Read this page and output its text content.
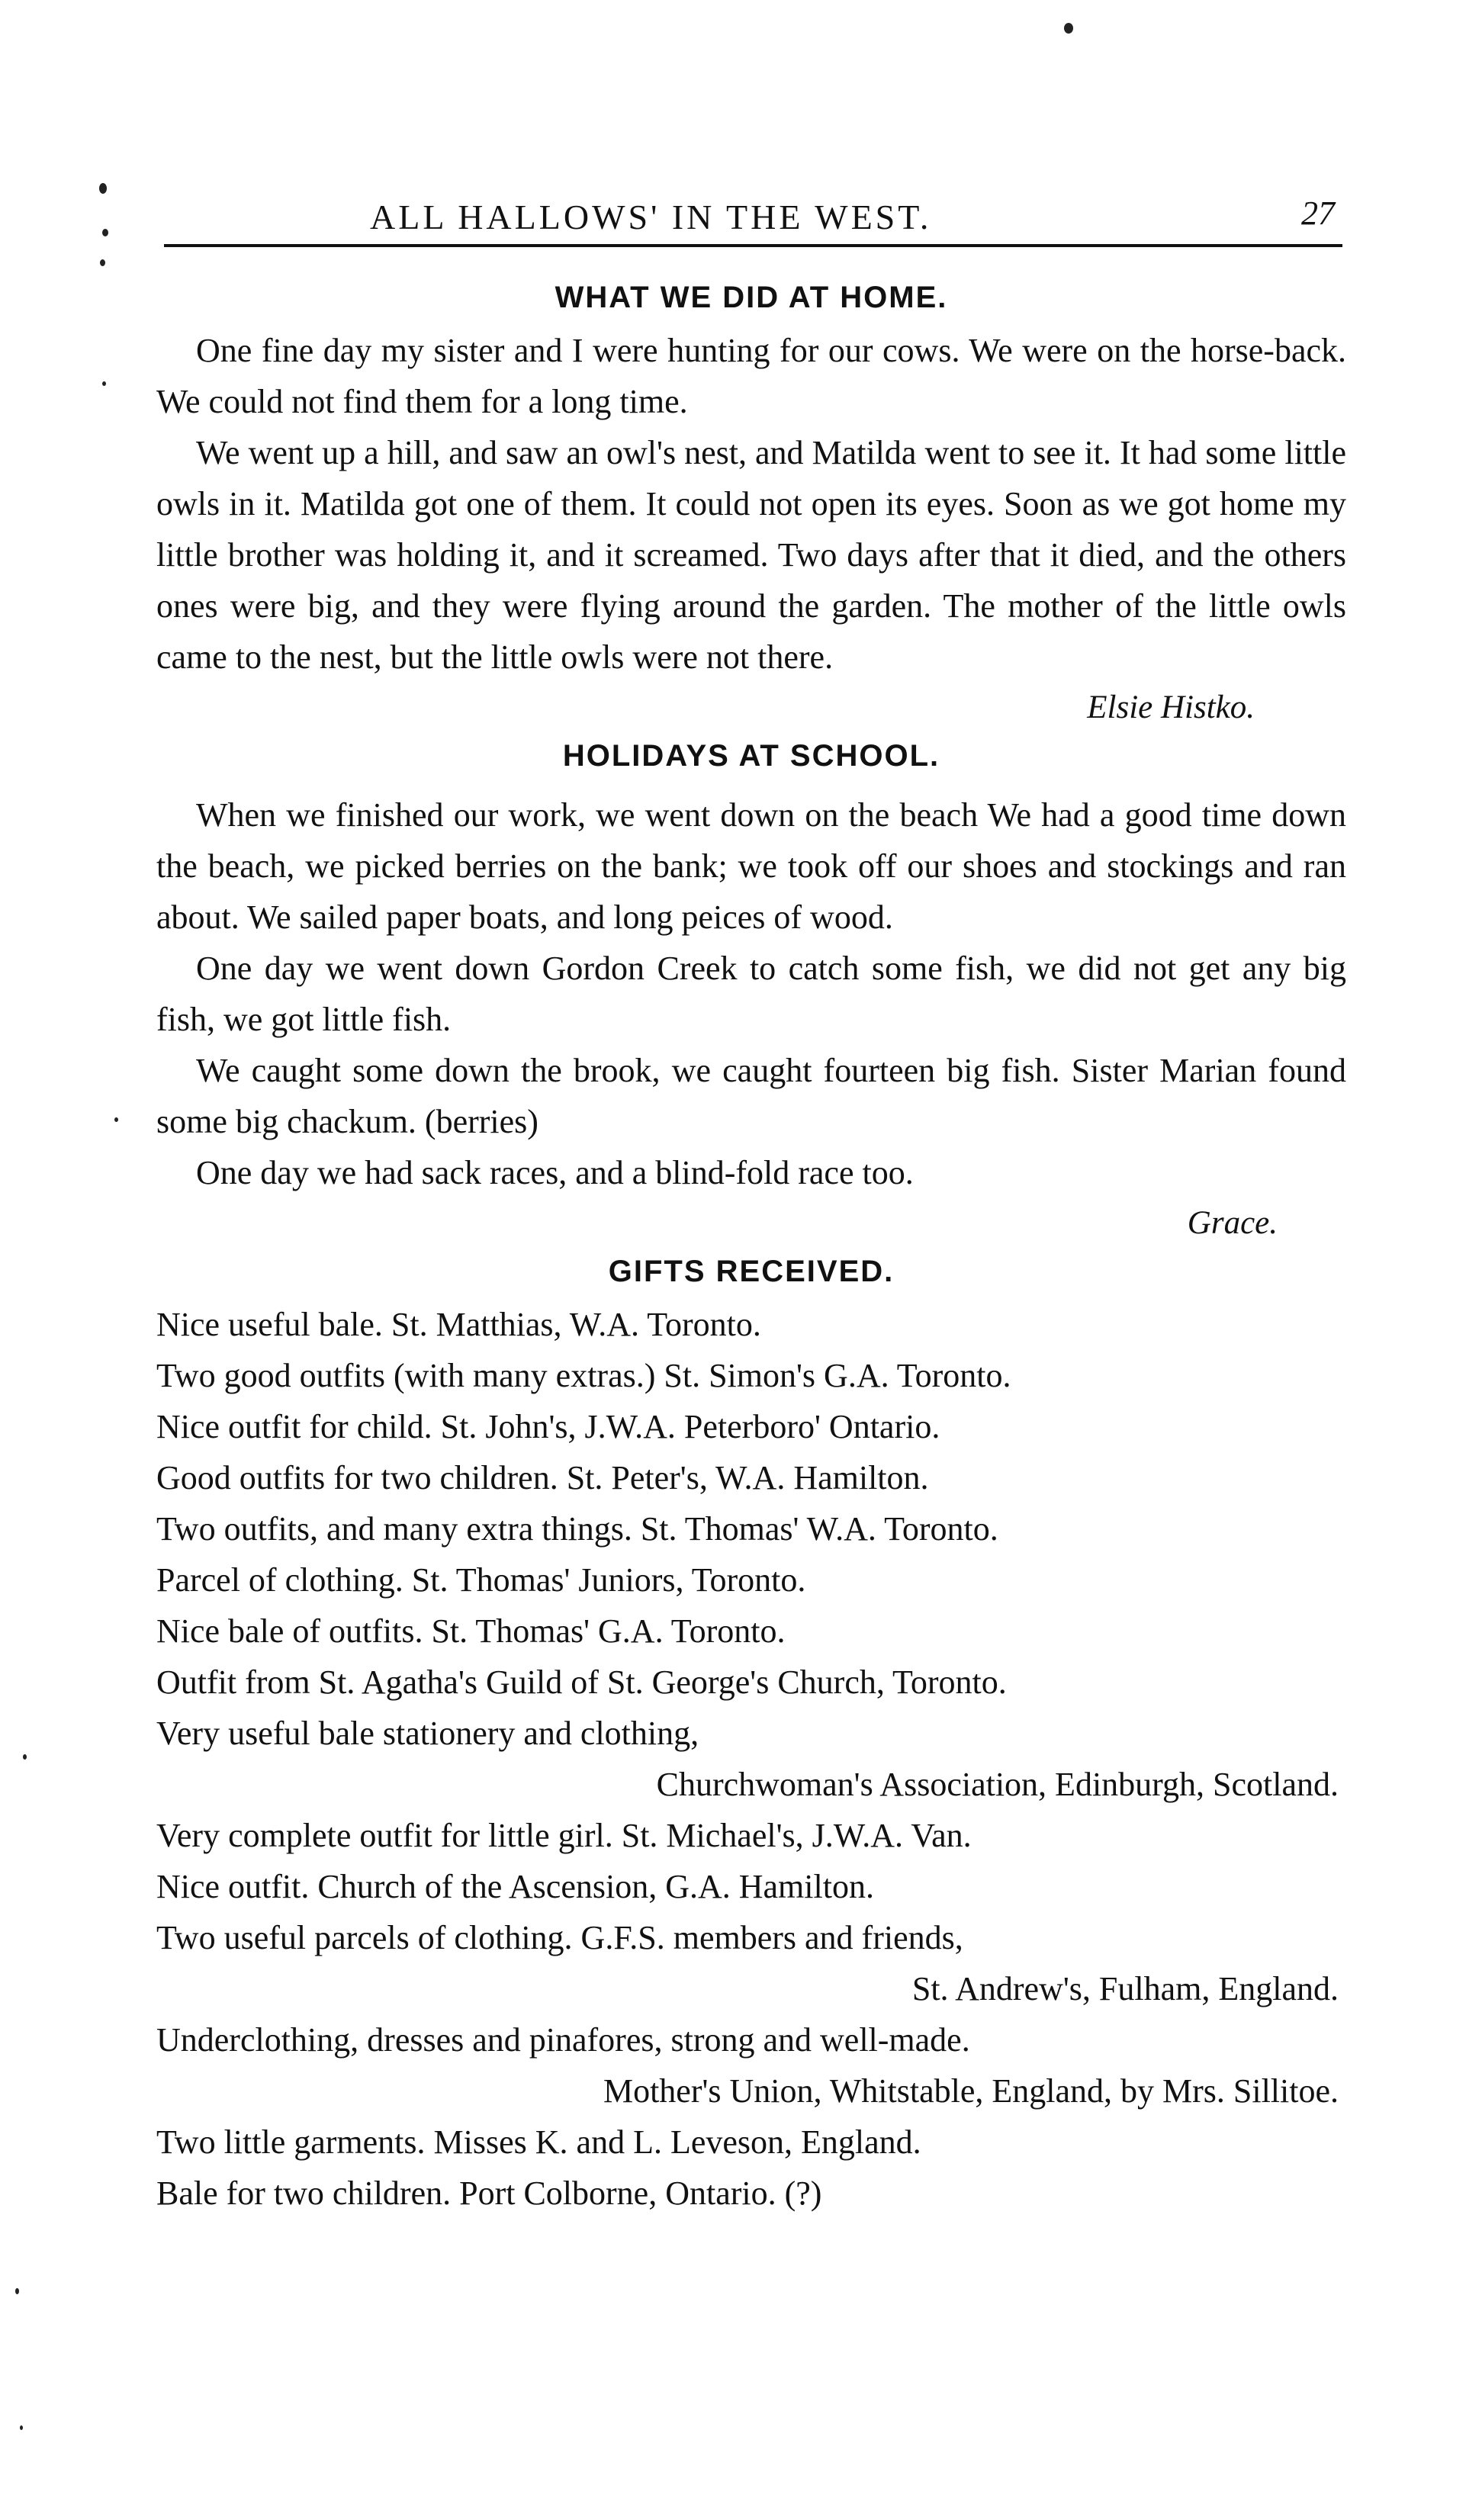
ALL HALLOWS' IN THE WEST.	27
WHAT WE DID AT HOME.

One fine day my sister and I were hunting for our cows. We were on the horse-back. We could not find them for a long time.

We went up a hill, and saw an owl's nest, and Matilda went to see it. It had some little owls in it. Matilda got one of them. It could not open its eyes. Soon as we got home my little brother was holding it, and it screamed. Two days after that it died, and the others ones were big, and they were flying around the garden. The mother of the little owls came to the nest, but the little owls were not there.

Elsie Histko.

HOLIDAYS AT SCHOOL.

When we finished our work, we went down on the beach We had a good time down the beach, we picked berries on the bank; we took off our shoes and stockings and ran about. We sailed paper boats, and long peices of wood.

One day we went down Gordon Creek to catch some fish, we did not get any big fish, we got little fish.

We caught some down the brook, we caught fourteen big fish. Sister Marian found some big chackum. (berries)

One day we had sack races, and a blind-fold race too.

Grace.

GIFTS RECEIVED.
Nice useful bale. St. Matthias, W.A. Toronto.
Two good outfits (with many extras.) St. Simon's G.A. Toronto.
Nice outfit for child. St. John's, J.W.A. Peterboro' Ontario.
Good outfits for two children. St. Peter's, W.A. Hamilton.
Two outfits, and many extra things. St. Thomas' W.A. Toronto.
Parcel of clothing. St. Thomas' Juniors, Toronto.
Nice bale of outfits. St. Thomas' G.A. Toronto.
Outfit from St. Agatha's Guild of St. George's Church, Toronto.
Very useful bale stationery and clothing,
Churchwoman's Association, Edinburgh, Scotland.
Very complete outfit for little girl. St. Michael's, J.W.A. Van.
Nice outfit. Church of the Ascension, G.A. Hamilton.
Two useful parcels of clothing. G.F.S. members and friends,
St. Andrew's, Fulham, England.
Underclothing, dresses and pinafores, strong and well-made.
Mother's Union, Whitstable, England, by Mrs. Sillitoe.
Two little garments. Misses K. and L. Leveson, England.
Bale for two children. Port Colborne, Ontario. (?)
